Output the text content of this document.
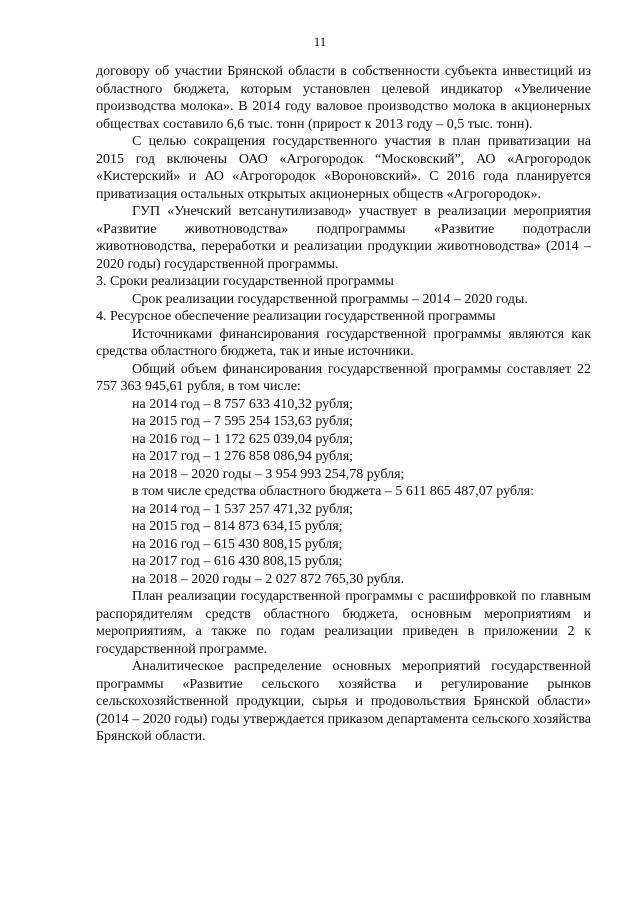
11

договору об участии Брянской области в собственности субъекта инвестиций из областного бюджета, которым установлен целевой индикатор «Увеличение производства молока». В 2014 году валовое производство молока в акционерных обществах составило 6,6 тыс. тонн (прирост к 2013 году – 0,5 тыс. тонн).

С целью сокращения государственного участия в план приватизации на 2015 год включены ОАО «Агрогородок “Московский”, АО «Агрогородок «Кистерский» и АО «Агрогородок «Вороновский». С 2016 года планируется приватизация остальных открытых акционерных обществ «Агрогородок».

ГУП «Унечский ветсанутилизавод» участвует в реализации мероприятия «Развитие животноводства» подпрограммы «Развитие подотрасли животноводства, переработки и реализации продукции животноводства» (2014 – 2020 годы) государственной программы.

3. Сроки реализации государственной программы

Срок реализации государственной программы – 2014 – 2020 годы.

4. Ресурсное обеспечение реализации государственной программы

Источниками финансирования государственной программы являются как средства областного бюджета, так и иные источники.

Общий объем финансирования государственной программы составляет 22 757 363 945,61 рубля, в том числе:

на 2014 год – 8 757 633 410,32 рубля;
на 2015 год – 7 595 254 153,63 рубля;
на 2016 год – 1 172 625 039,04 рубля;
на 2017 год – 1 276 858 086,94 рубля;
на 2018 – 2020 годы – 3 954 993 254,78 рубля;
в том числе средства областного бюджета – 5 611 865 487,07 рубля:
на 2014 год – 1 537 257 471,32 рубля;
на 2015 год – 814 873 634,15 рубля;
на 2016 год – 615 430 808,15 рубля;
на 2017 год – 616 430 808,15 рубля;
на 2018 – 2020 годы – 2 027 872 765,30 рубля.

План реализации государственной программы с расшифровкой по главным распорядителям средств областного бюджета, основным мероприятиям и мероприятиям, а также по годам реализации приведен в приложении 2 к государственной программе.

Аналитическое распределение основных мероприятий государственной программы «Развитие сельского хозяйства и регулирование рынков сельскохозяйственной продукции, сырья и продовольствия Брянской области» (2014 – 2020 годы) годы утверждается приказом департамента сельского хозяйства Брянской области.
